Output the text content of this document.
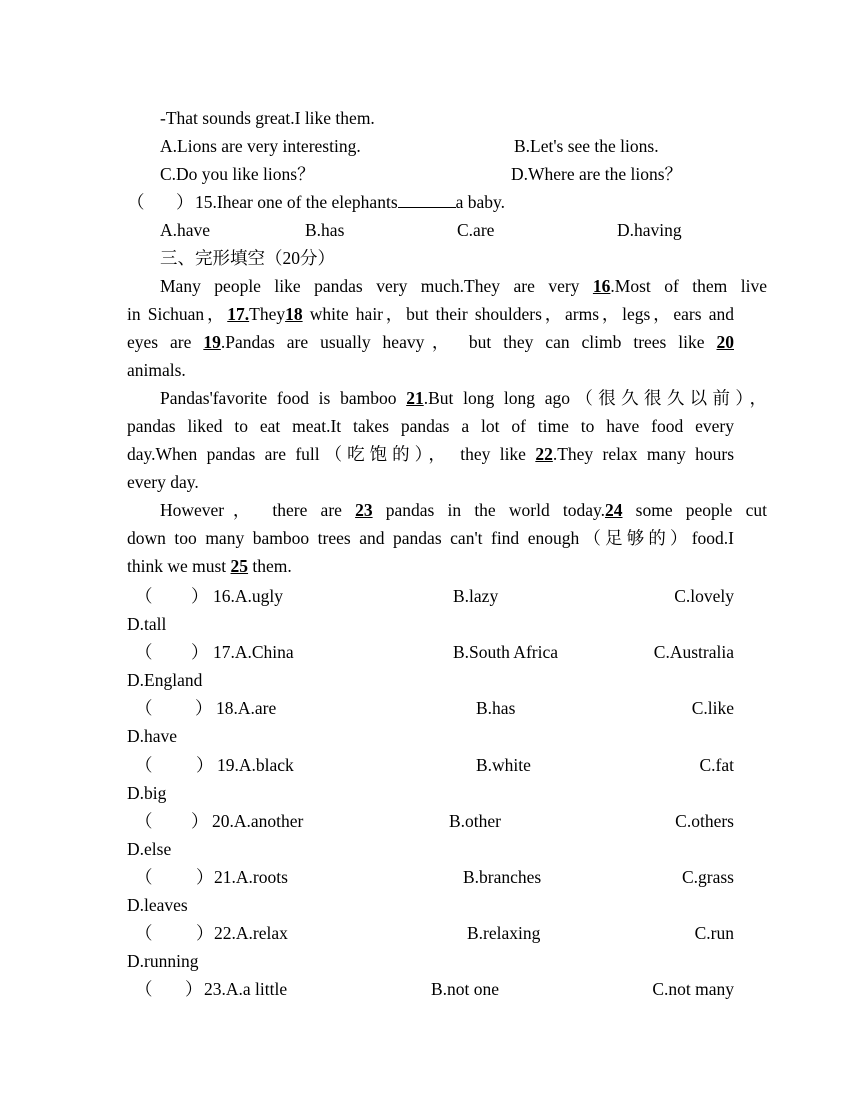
-That sounds great.I like them.
A.Lions are very interesting.	B.Let's see the lions.
C.Do you like lions？	D.Where are the lions？
（ ） 15.Ihear one of the elephants	a baby.
A.have	B.has	C.are	D.having
三、完形填空（20分）
Many people like pandas very much.They are very 16.Most of them live
in Sichuan，17.They18 white hair，but their shoulders，arms，legs，ears and
eyes are 19.Pandas are usually heavy， but they can climb trees like 20
animals.
Pandas'favorite food is bamboo 21.But long long ago（很久很久以前），
pandas liked to eat meat.It takes pandas a lot of time to have food every
day.When pandas are full（吃饱的）， they like 22.They relax many hours
every day.
However， there are 23 pandas in the world today.24 some people cut
down too many bamboo trees and pandas can't find enough（足够的）food.I
think we must 25 them.
（ ） 16.A.ugly	B.lazy	C.lovely
D.tall
（ ） 17.A.China	B.South Africa	C.Australia
D.England
（ ） 18.A.are	B.has	C.like
D.have
（ ） 19.A.black	B.white	C.fat
D.big
（ ） 20.A.another	B.other	C.others
D.else
（ ） 21.A.roots	B.branches	C.grass
D.leaves
（ ） 22.A.relax	B.relaxing	C.run
D.running
（ ） 23.A.a little	B.not one	C.not many
